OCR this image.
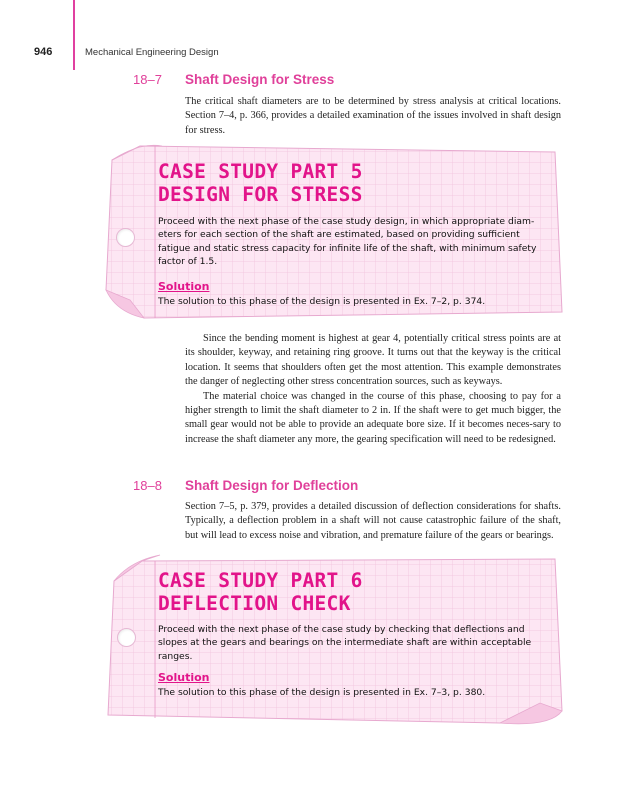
946	Mechanical Engineering Design
18–7 Shaft Design for Stress

The critical shaft diameters are to be determined by stress analysis at critical locations. Section 7–4, p. 366, provides a detailed examination of the issues involved in shaft design for stress.

CASE STUDY PART 5
DESIGN FOR STRESS
Proceed with the next phase of the case study design, in which appropriate diam-eters for each section of the shaft are estimated, based on providing sufficient fatigue and static stress capacity for infinite life of the shaft, with minimum safety factor of 1.5.
Solution
The solution to this phase of the design is presented in Ex. 7–2, p. 374.

Since the bending moment is highest at gear 4, potentially critical stress points are at its shoulder, keyway, and retaining ring groove. It turns out that the keyway is the critical location. It seems that shoulders often get the most attention. This example demonstrates the danger of neglecting other stress concentration sources, such as keyways.

The material choice was changed in the course of this phase, choosing to pay for a higher strength to limit the shaft diameter to 2 in. If the shaft were to get much bigger, the small gear would not be able to provide an adequate bore size. If it becomes neces-sary to increase the shaft diameter any more, the gearing specification will need to be redesigned.

18–8 Shaft Design for Deflection

Section 7–5, p. 379, provides a detailed discussion of deflection considerations for shafts. Typically, a deflection problem in a shaft will not cause catastrophic failure of the shaft, but will lead to excess noise and vibration, and premature failure of the gears or bearings.

CASE STUDY PART 6
DEFLECTION CHECK
Proceed with the next phase of the case study by checking that deflections and slopes at the gears and bearings on the intermediate shaft are within acceptable ranges.
Solution
The solution to this phase of the design is presented in Ex. 7–3, p. 380.
